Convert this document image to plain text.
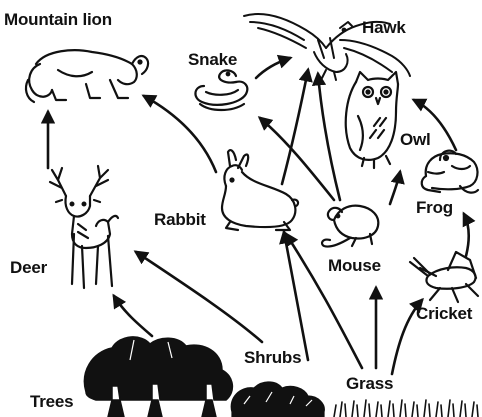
Mountain lion	Hawk
Snake
Owl
Rabbit
Frog
Deer	Mouse
Cricket
Shrubs
Grass
Trees
